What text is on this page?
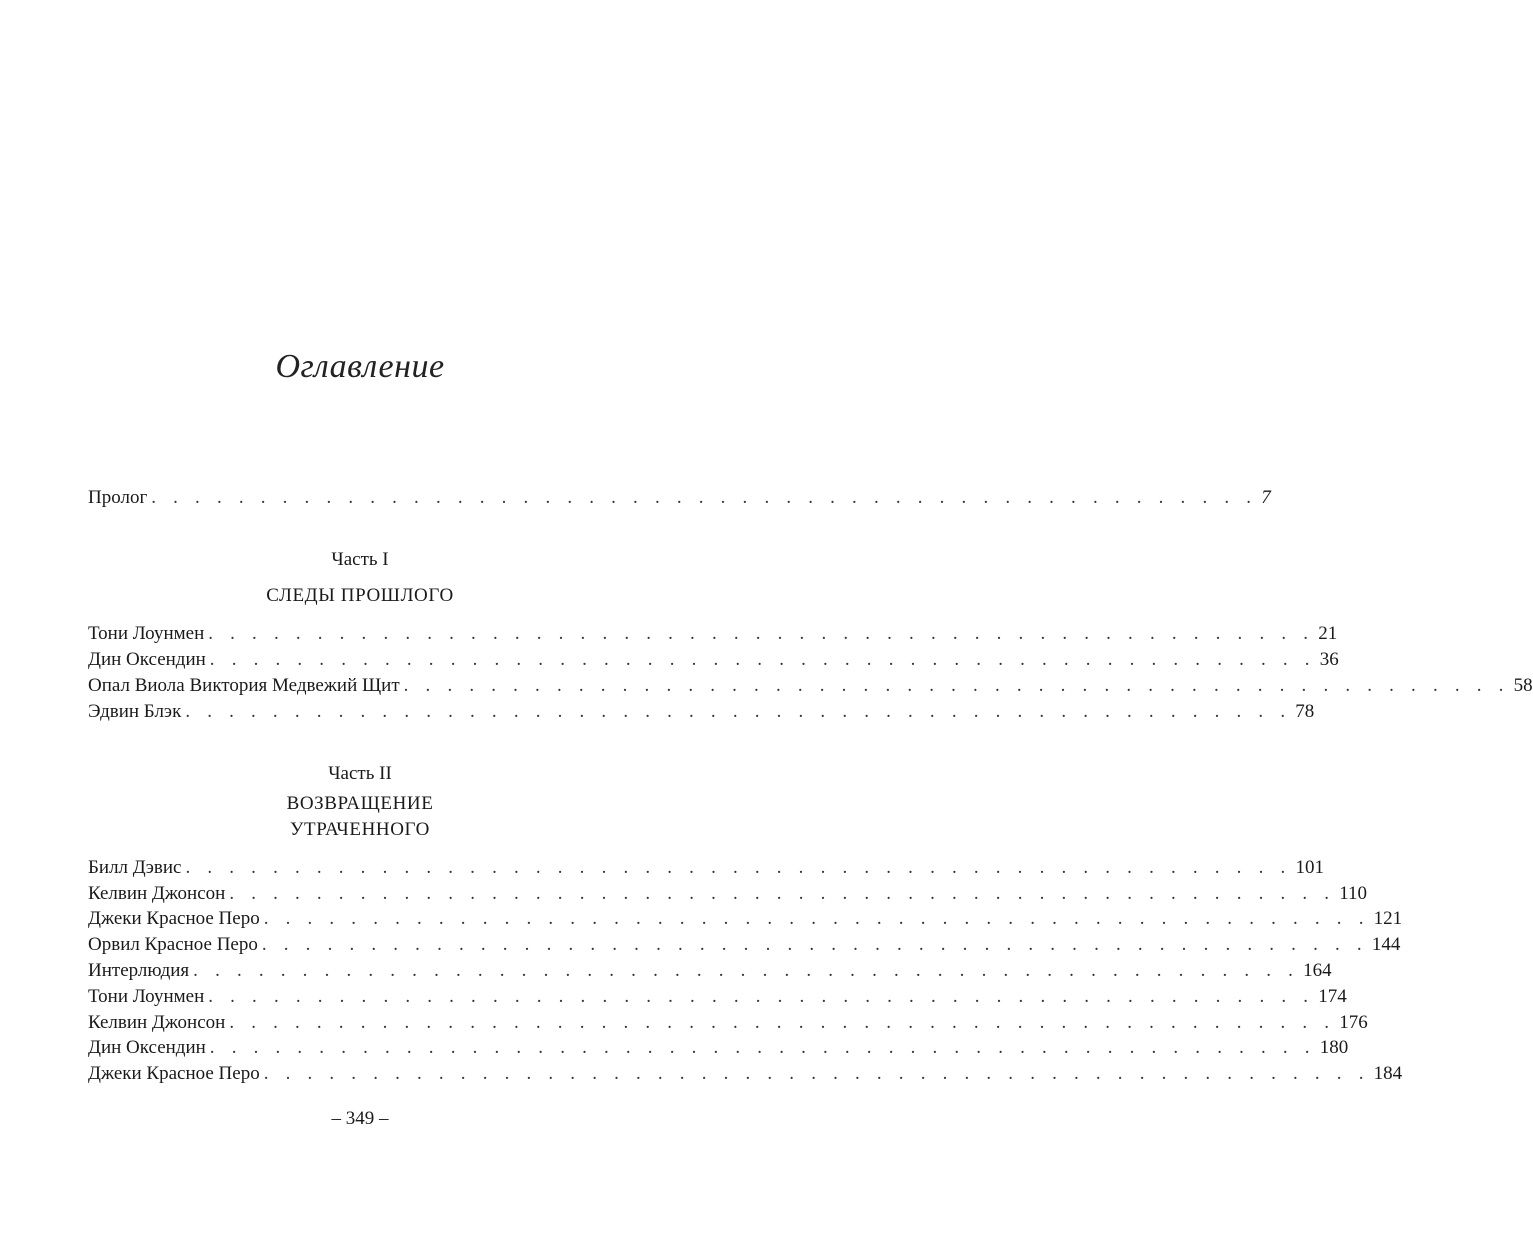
Оглавление
Пролог . . . . . . . . . . . . . . . . . . . . . . . . . . . . . . . . . . . . . . . . . . . . . . . . . . . 7
Часть I
СЛЕДЫ ПРОШЛОГО
Тони Лоунмен . . . . . . . . . . . . . . . . . . . . . . . . . . . . . . . . . . . . . . . . . . . . . . . . . . . 21
Дин Оксендин . . . . . . . . . . . . . . . . . . . . . . . . . . . . . . . . . . . . . . . . . . . . . . . . . . . 36
Опал Виола Виктория Медвежий Щит . . . . . . . . . . . . . . . . . . . . . . . . . . . . . . . . . . . . . . . . . . . . . . . . . . . 58
Эдвин Блэк . . . . . . . . . . . . . . . . . . . . . . . . . . . . . . . . . . . . . . . . . . . . . . . . . . . 78
Часть II
ВОЗВРАЩЕНИЕ
УТРАЧЕННОГО
Билл Дэвис . . . . . . . . . . . . . . . . . . . . . . . . . . . . . . . . . . . . . . . . . . . . . . . . . . . 101
Келвин Джонсон . . . . . . . . . . . . . . . . . . . . . . . . . . . . . . . . . . . . . . . . . . . . . . . . . . . 110
Джеки Красное Перо . . . . . . . . . . . . . . . . . . . . . . . . . . . . . . . . . . . . . . . . . . . . . . . . . . . 121
Орвил Красное Перо . . . . . . . . . . . . . . . . . . . . . . . . . . . . . . . . . . . . . . . . . . . . . . . . . . . 144
Интерлюдия . . . . . . . . . . . . . . . . . . . . . . . . . . . . . . . . . . . . . . . . . . . . . . . . . . . 164
Тони Лоунмен . . . . . . . . . . . . . . . . . . . . . . . . . . . . . . . . . . . . . . . . . . . . . . . . . . . 174
Келвин Джонсон . . . . . . . . . . . . . . . . . . . . . . . . . . . . . . . . . . . . . . . . . . . . . . . . . . . 176
Дин Оксендин . . . . . . . . . . . . . . . . . . . . . . . . . . . . . . . . . . . . . . . . . . . . . . . . . . . 180
Джеки Красное Перо . . . . . . . . . . . . . . . . . . . . . . . . . . . . . . . . . . . . . . . . . . . . . . . . . . . 184
– 349 –
